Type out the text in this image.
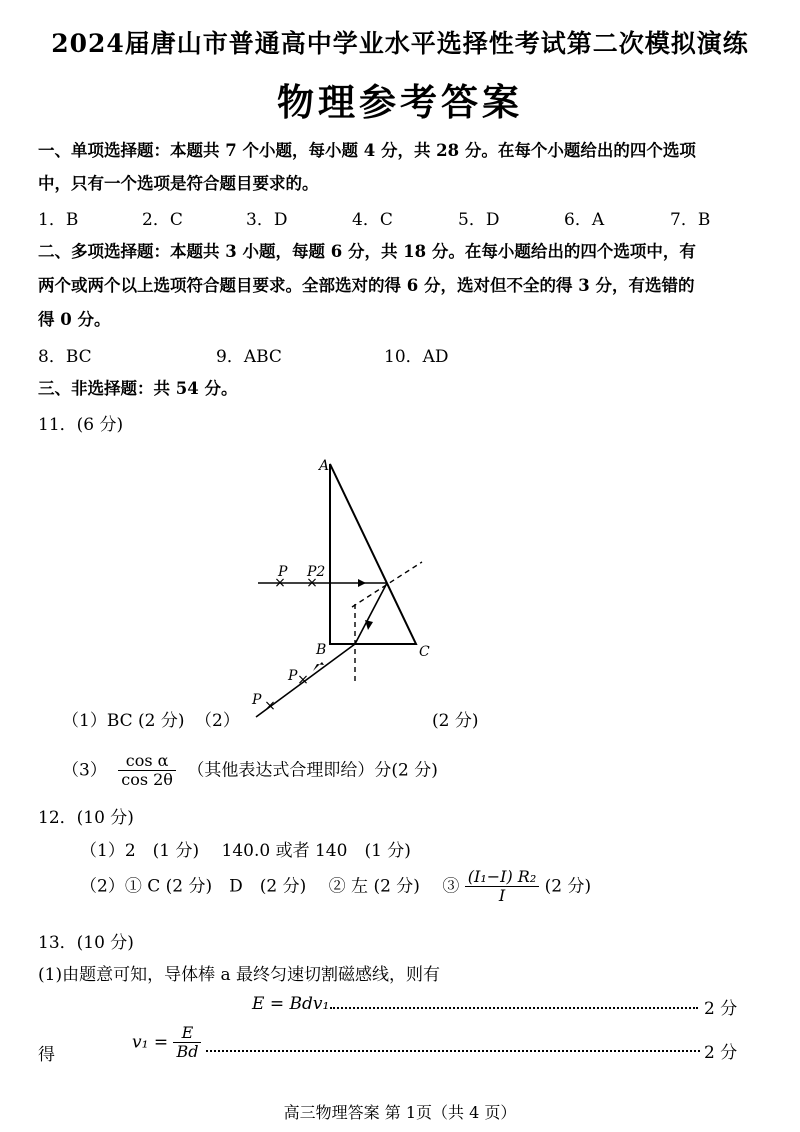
2024届唐山市普通高中学业水平选择性考试第二次模拟演练
物理参考答案
一、单项选择题：本题共 7 个小题，每小题 4 分，共 28 分。在每个小题给出的四个选项
中，只有一个选项是符合题目要求的。
1．B	2．C	3．D	4．C	5．D	6．A	7．B
二、多项选择题：本题共 3 小题，每题 6 分，共 18 分。在每小题给出的四个选项中，有
两个或两个以上选项符合题目要求。全部选对的得 6 分，选对但不全的得 3 分，有选错的
得 0 分。
8．BC	9．ABC	10．AD
三、非选择题：共 54 分。
11．(6 分)
× ×
×
×
A
B	C
P P2
P
P
（1）BC (2 分) （2）	(2 分)
$(3) \frac{\text{cos α}}{\cos 2\theta}$ （其他表达式合理即给）分(2 分)
12．(10 分)
（1）2　(1 分)　 140.0 或者 140　(1 分)
（2）① C (2 分)　D　(2 分)　 ② 左 (2 分)　 ③ $\frac{\text{(I₁−I) R₂}}{I} (2$ 分)
13．(10 分)
(1)由题意可知，导体棒 a 最终匀速切割磁感线，则有
E = Bdv₁	2 分
得
$v_1 = \frac{E}{Bd}$	2 分
高三物理答案 第 1页（共 4 页）
